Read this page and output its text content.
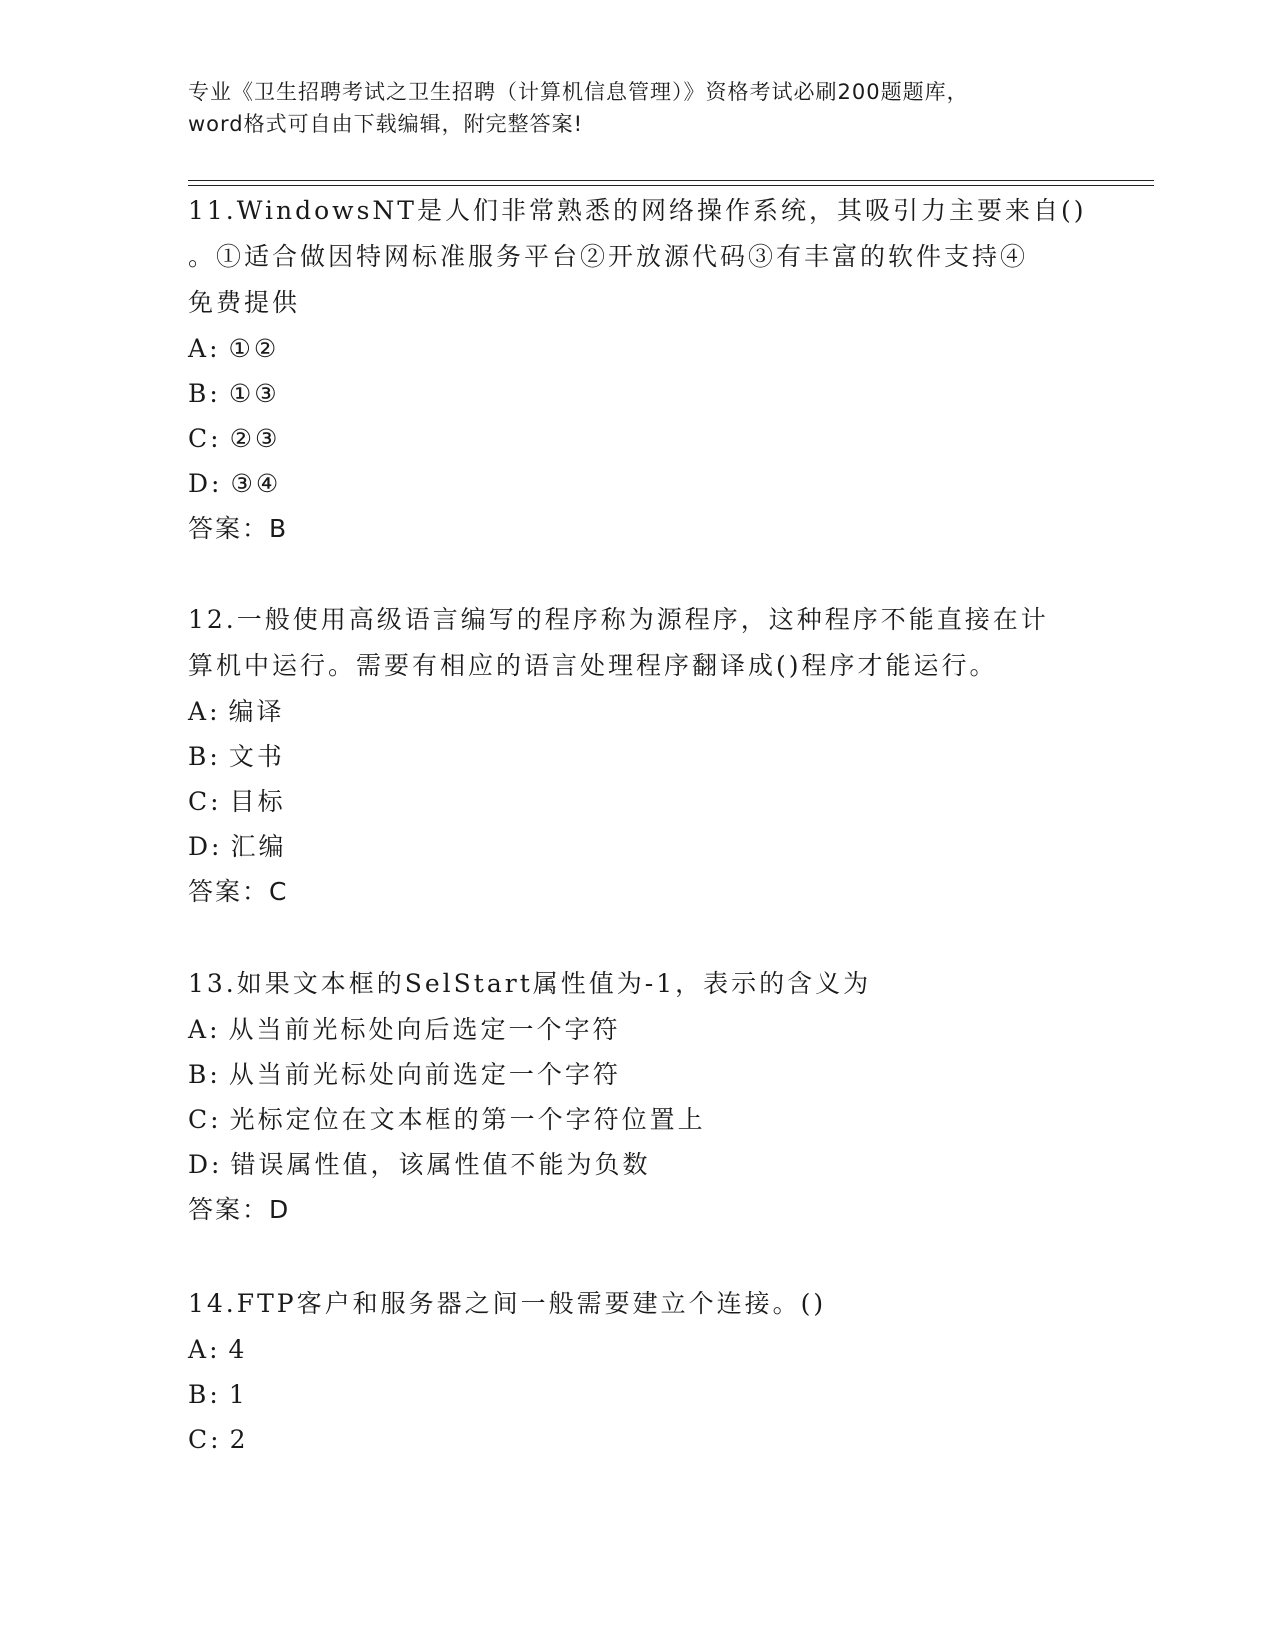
专业《卫生招聘考试之卫生招聘（计算机信息管理）》资格考试必刷200题题库，
word格式可自由下载编辑，附完整答案!
11.WindowsNT是人们非常熟悉的网络操作系统，其吸引力主要来自()
。①适合做因特网标准服务平台②开放源代码③有丰富的软件支持④
免费提供
A: ①②
B: ①③
C: ②③
D: ③④
答案：B
12.一般使用高级语言编写的程序称为源程序，这种程序不能直接在计
算机中运行。需要有相应的语言处理程序翻译成()程序才能运行。
A: 编译
B: 文书
C: 目标
D: 汇编
答案：C
13.如果文本框的SelStart属性值为-1，表示的含义为
A: 从当前光标处向后选定一个字符
B: 从当前光标处向前选定一个字符
C: 光标定位在文本框的第一个字符位置上
D: 错误属性值，该属性值不能为负数
答案：D
14.FTP客户和服务器之间一般需要建立个连接。()
A: 4
B: 1
C: 2
